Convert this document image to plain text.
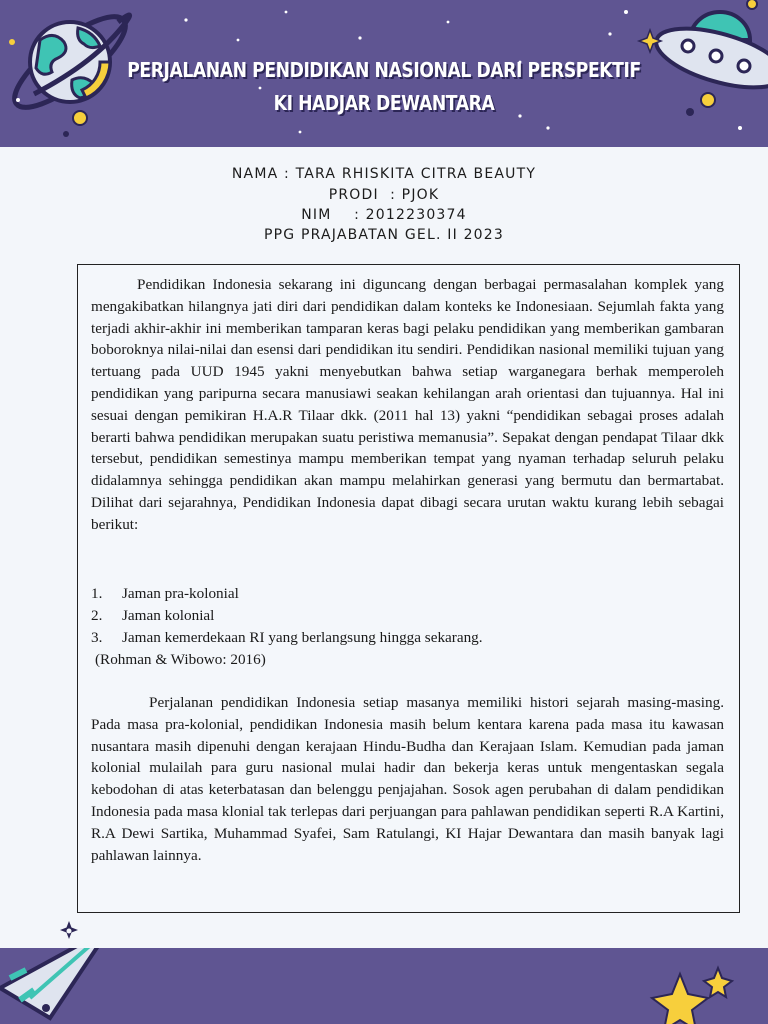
PERJALANAN PENDIDIKAN NASIONAL DARI PERSPEKTIF
KI HADJAR DEWANTARA
NAMA : TARA RHISKITA CITRA BEAUTY
PRODI  : PJOK
NIM    : 2012230374
PPG PRAJABATAN GEL. II 2023
Pendidikan Indonesia sekarang ini diguncang dengan berbagai permasalahan komplek yang mengakibatkan hilangnya jati diri dari pendidikan dalam konteks ke Indonesiaan. Sejumlah fakta yang terjadi akhir-akhir ini memberikan tamparan keras bagi pelaku pendidikan yang memberikan gambaran boboroknya nilai-nilai dan esensi dari pendidikan itu sendiri. Pendidikan nasional memiliki tujuan yang tertuang pada UUD 1945 yakni menyebutkan bahwa setiap warganegara berhak memperoleh pendidikan yang paripurna secara manusiawi seakan kehilangan arah orientasi dan tujuannya. Hal ini sesuai dengan pemikiran H.A.R Tilaar dkk. (2011 hal 13) yakni “pendidikan sebagai proses adalah berarti bahwa pendidikan merupakan suatu peristiwa memanusia”. Sepakat dengan pendapat Tilaar dkk tersebut, pendidikan semestinya mampu memberikan tempat yang nyaman terhadap seluruh pelaku didalamnya sehingga pendidikan akan mampu melahirkan generasi yang bermutu dan bermartabat. Dilihat dari sejarahnya, Pendidikan Indonesia dapat dibagi secara urutan waktu kurang lebih sebagai berikut:
1.	Jaman pra-kolonial
2.	Jaman kolonial
3.	Jaman kemerdekaan RI yang berlangsung hingga sekarang.
(Rohman & Wibowo: 2016)
Perjalanan pendidikan Indonesia setiap masanya memiliki histori sejarah masing-masing. Pada masa pra-kolonial, pendidikan Indonesia masih belum kentara karena pada masa itu kawasan nusantara masih dipenuhi dengan kerajaan Hindu-Budha dan Kerajaan Islam. Kemudian pada jaman kolonial mulailah para guru nasional mulai hadir dan bekerja keras untuk mengentaskan segala kebodohan di atas keterbatasan dan belenggu penjajahan. Sosok agen perubahan di dalam pendidikan Indonesia pada masa klonial tak terlepas dari perjuangan para pahlawan pendidikan seperti R.A Kartini, R.A Dewi Sartika, Muhammad Syafei, Sam Ratulangi, KI Hajar Dewantara dan masih banyak lagi pahlawan lainnya.
